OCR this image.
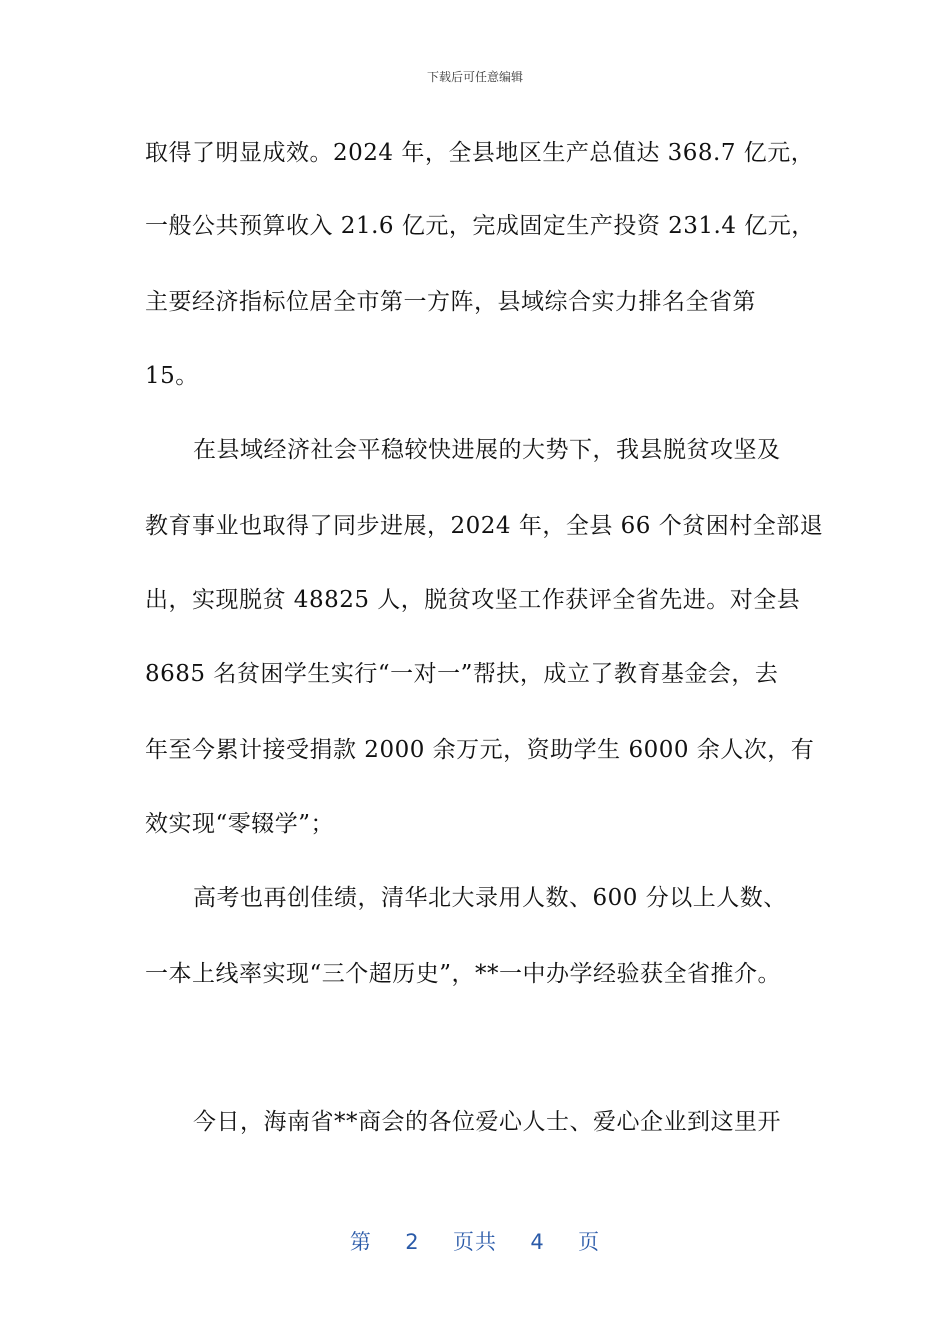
下载后可任意编辑
取得了明显成效。2024 年，全县地区生产总值达 368.7 亿元，
一般公共预算收入 21.6 亿元，完成固定生产投资 231.4 亿元，
主要经济指标位居全市第一方阵，县域综合实力排名全省第
15。
在县域经济社会平稳较快进展的大势下，我县脱贫攻坚及
教育事业也取得了同步进展，2024 年，全县 66 个贫困村全部退
出，实现脱贫 48825 人，脱贫攻坚工作获评全省先进。对全县
8685 名贫困学生实行“一对一”帮扶，成立了教育基金会，去
年至今累计接受捐款 2000 余万元，资助学生 6000 余人次，有
效实现“零辍学”；
高考也再创佳绩，清华北大录用人数、600 分以上人数、
一本上线率实现“三个超历史”，**一中办学经验获全省推介。
今日，海南省**商会的各位爱心人士、爱心企业到这里开
第 2 页共 4 页
